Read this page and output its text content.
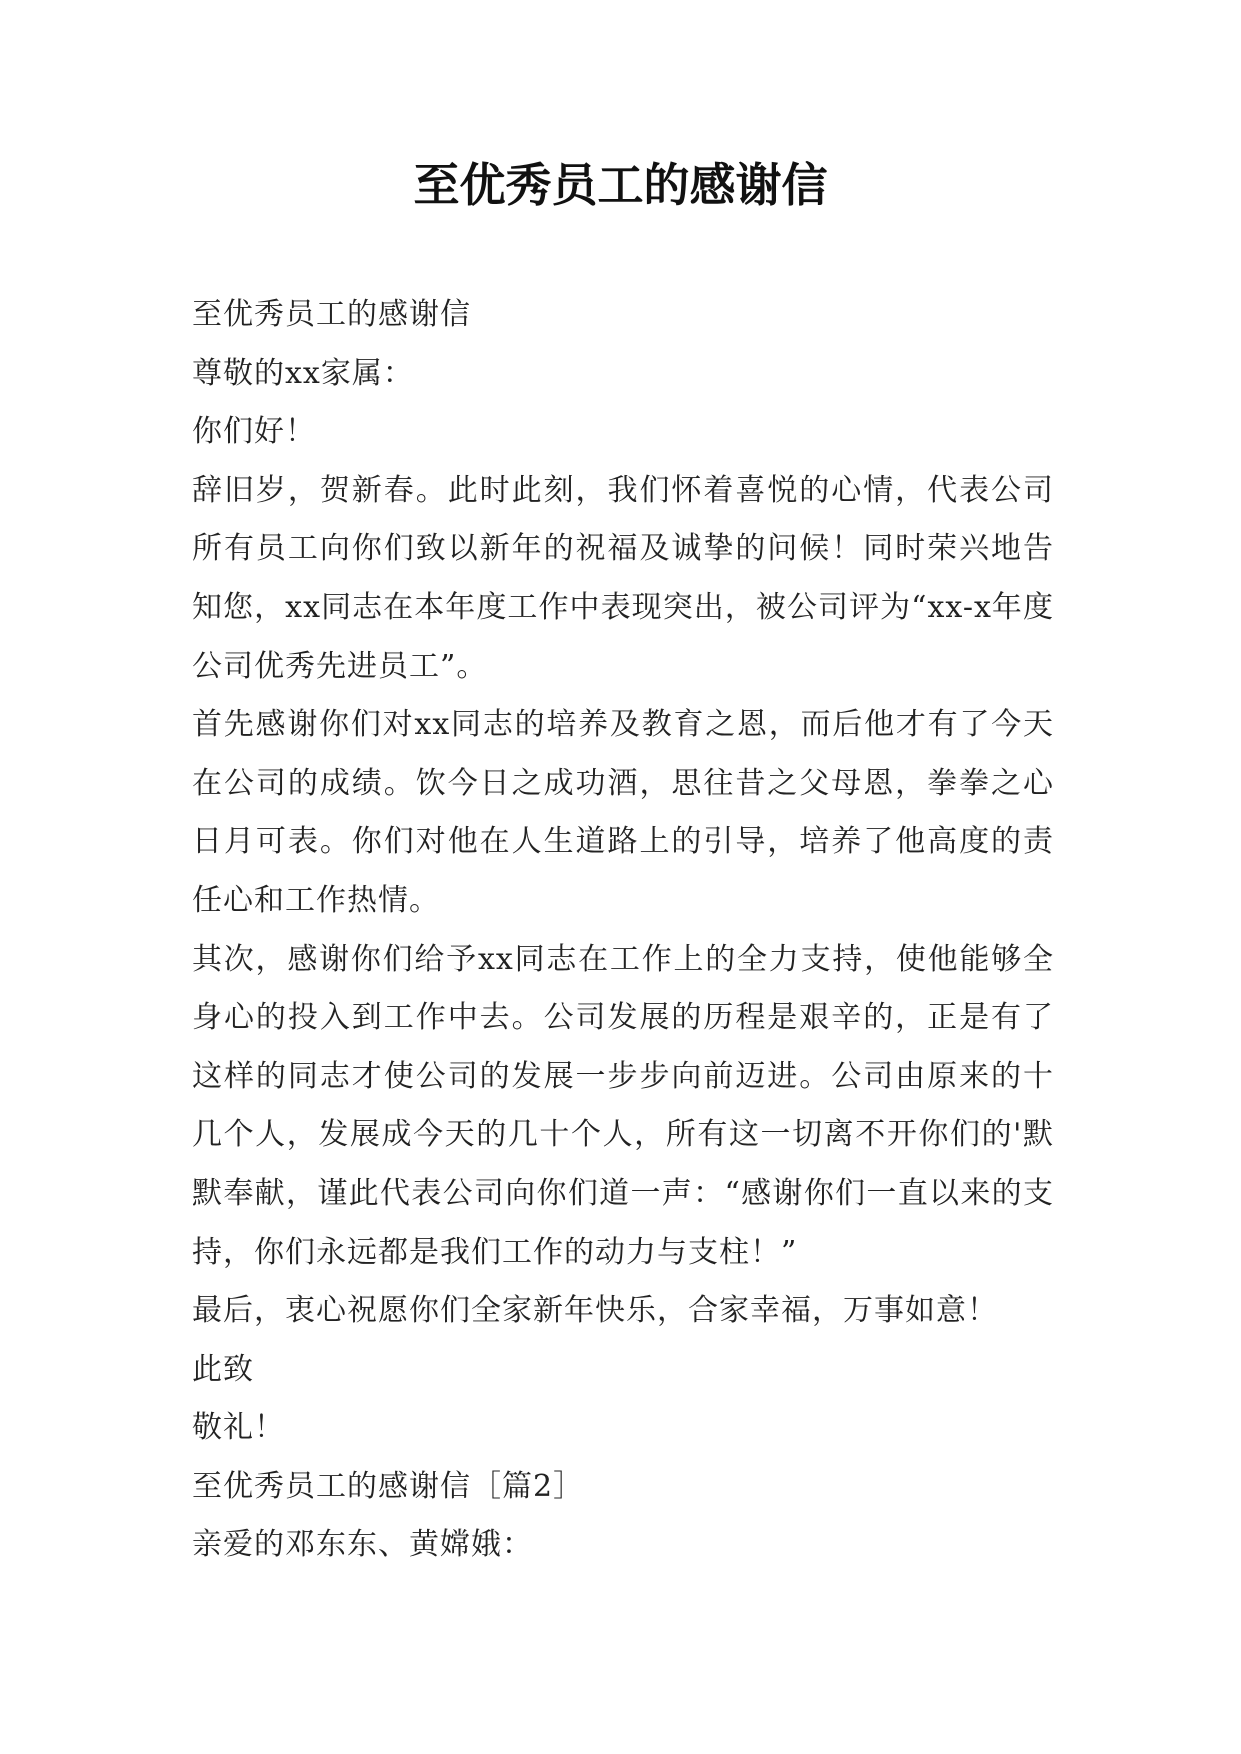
至优秀员工的感谢信

至优秀员工的感谢信

尊敬的xx家属：

你们好！

辞旧岁，贺新春。此时此刻，我们怀着喜悦的心情，代表公司所有员工向你们致以新年的祝福及诚挚的问候！同时荣兴地告知您，xx同志在本年度工作中表现突出，被公司评为“xx-x年度公司优秀先进员工”。

首先感谢你们对xx同志的培养及教育之恩，而后他才有了今天在公司的成绩。饮今日之成功酒，思往昔之父母恩，拳拳之心日月可表。你们对他在人生道路上的引导，培养了他高度的责任心和工作热情。

其次，感谢你们给予xx同志在工作上的全力支持，使他能够全身心的投入到工作中去。公司发展的历程是艰辛的，正是有了这样的同志才使公司的发展一步步向前迈进。公司由原来的十几个人，发展成今天的几十个人，所有这一切离不开你们的'默默奉献，谨此代表公司向你们道一声：“感谢你们一直以来的支持，你们永远都是我们工作的动力与支柱！”

最后，衷心祝愿你们全家新年快乐，合家幸福，万事如意！

此致

敬礼！

至优秀员工的感谢信［篇2］

亲爱的邓东东、黄嫦娥：
